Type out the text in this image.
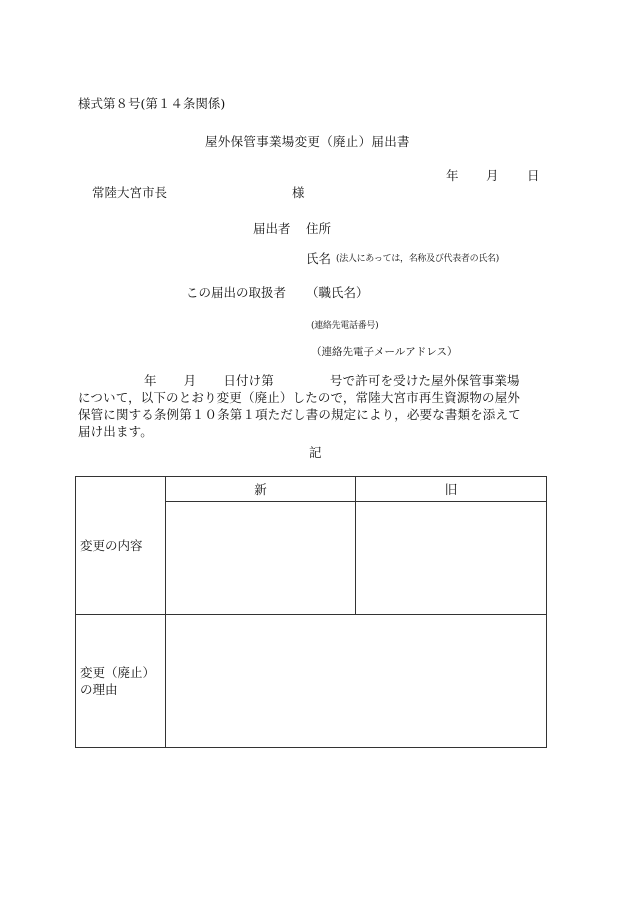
様式第８号(第１４条関係)
屋外保管事業場変更（廃止）届出書
年 月 日
常陸大宮市長	様
届出者 住所
氏名 (法人にあっては，名称及び代表者の氏名)
この届出の取扱者 （職氏名）
(連絡先電話番号)
（連絡先電子メールアドレス）
年 月 日付け第	号で許可を受けた屋外保管事業場
について，以下のとおり変更（廃止）したので，常陸大宮市再生資源物の屋外
保管に関する条例第１０条第１項ただし書の規定により，必要な書類を添えて
届け出ます。
記
変更の内容	新	旧

変更（廃止）
の理由		
